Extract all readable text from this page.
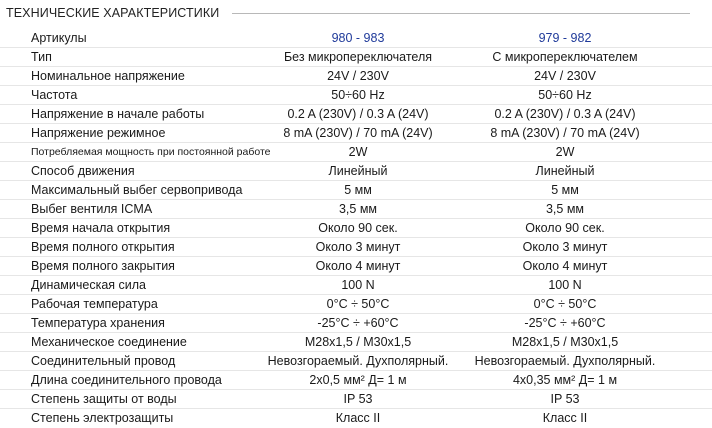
ТЕХНИЧЕСКИЕ ХАРАКТЕРИСТИКИ
Артикулы	980 - 983	979 - 982
Тип	Без микропереключателя	С микропереключателем
Номинальное напряжение	24V / 230V	24V / 230V
Частота	50÷60 Hz	50÷60 Hz
Напряжение в начале работы	0.2 A (230V) / 0.3 A (24V)	0.2 A (230V) / 0.3 A (24V)
Напряжение режимное	8 mA (230V) / 70 mA (24V)	8 mA (230V) / 70 mA (24V)
Потребляемая мощность при постоянной работе	2W	2W
Способ движения	Линейный	Линейный
Максимальный выбег сервопривода	5 мм	5 мм
Выбег вентиля ICMA	3,5 мм	3,5 мм
Время начала открытия	Около 90 сек.	Около 90 сек.
Время полного открытия	Около 3 минут	Около 3 минут
Время полного закрытия	Около 4 минут	Около 4 минут
Динамическая сила	100 N	100 N
Рабочая температура	0°C ÷ 50°C	0°C ÷ 50°C
Температура хранения	-25°C ÷ +60°C	-25°C ÷ +60°C
Механическое соединение	M28x1,5 / M30x1,5	M28x1,5 / M30x1,5
Соединительный провод	Невозгораемый. Духполярный.	Невозгораемый. Духполярный.
Длина соединительного провода	2x0,5 мм² Д= 1 м	4x0,35 мм² Д= 1 м
Степень защиты от воды	IP 53	IP 53
Степень электрозащиты	Класс II	Класс II
